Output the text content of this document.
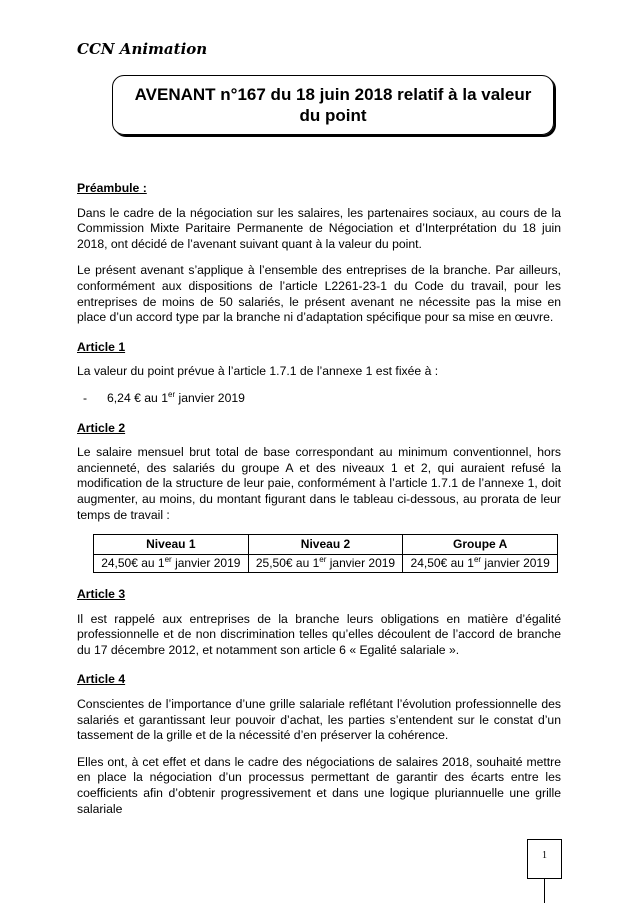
CCN Animation
AVENANT n°167 du 18 juin 2018 relatif à la valeur du point
Préambule :

Dans le cadre de la négociation sur les salaires, les partenaires sociaux, au cours de la Commission Mixte Paritaire Permanente de Négociation et d’Interprétation du 18 juin 2018, ont décidé de l’avenant suivant quant à la valeur du point.

Le présent avenant s’applique à l’ensemble des entreprises de la branche. Par ailleurs, conformément aux dispositions de l’article L2261-23-1 du Code du travail, pour les entreprises de moins de 50 salariés, le présent avenant ne nécessite pas la mise en place d’un accord type par la branche ni d’adaptation spécifique pour sa mise en œuvre.

Article 1

La valeur du point prévue à l’article 1.7.1 de l’annexe 1 est fixée à :

- 6,24 € au 1er janvier 2019
Article 2

Le salaire mensuel brut total de base correspondant au minimum conventionnel, hors ancienneté, des salariés du groupe A et des niveaux 1 et 2, qui auraient refusé la modification de la structure de leur paie, conformément à l’article 1.7.1 de l’annexe 1, doit augmenter, au moins, du montant figurant dans le tableau ci-dessous, au prorata de leur temps de travail :

Niveau 1	Niveau 2	Groupe A
24,50€ au 1er janvier 2019	25,50€ au 1er janvier 2019	24,50€ au 1er janvier 2019
Article 3

Il est rappelé aux entreprises de la branche leurs obligations en matière d’égalité professionnelle et de non discrimination telles qu’elles découlent de l’accord de branche du 17 décembre 2012, et notamment son article 6 « Egalité salariale ».

Article 4

Conscientes de l’importance d’une grille salariale reflétant l’évolution professionnelle des salariés et garantissant leur pouvoir d’achat, les parties s’entendent sur le constat d’un tassement de la grille et de la nécessité d’en préserver la cohérence.

Elles ont, à cet effet et dans le cadre des négociations de salaires 2018, souhaité mettre en place la négociation d’un processus permettant de garantir des écarts entre les coefficients afin d’obtenir progressivement et dans une logique pluriannuelle une grille salariale

1
